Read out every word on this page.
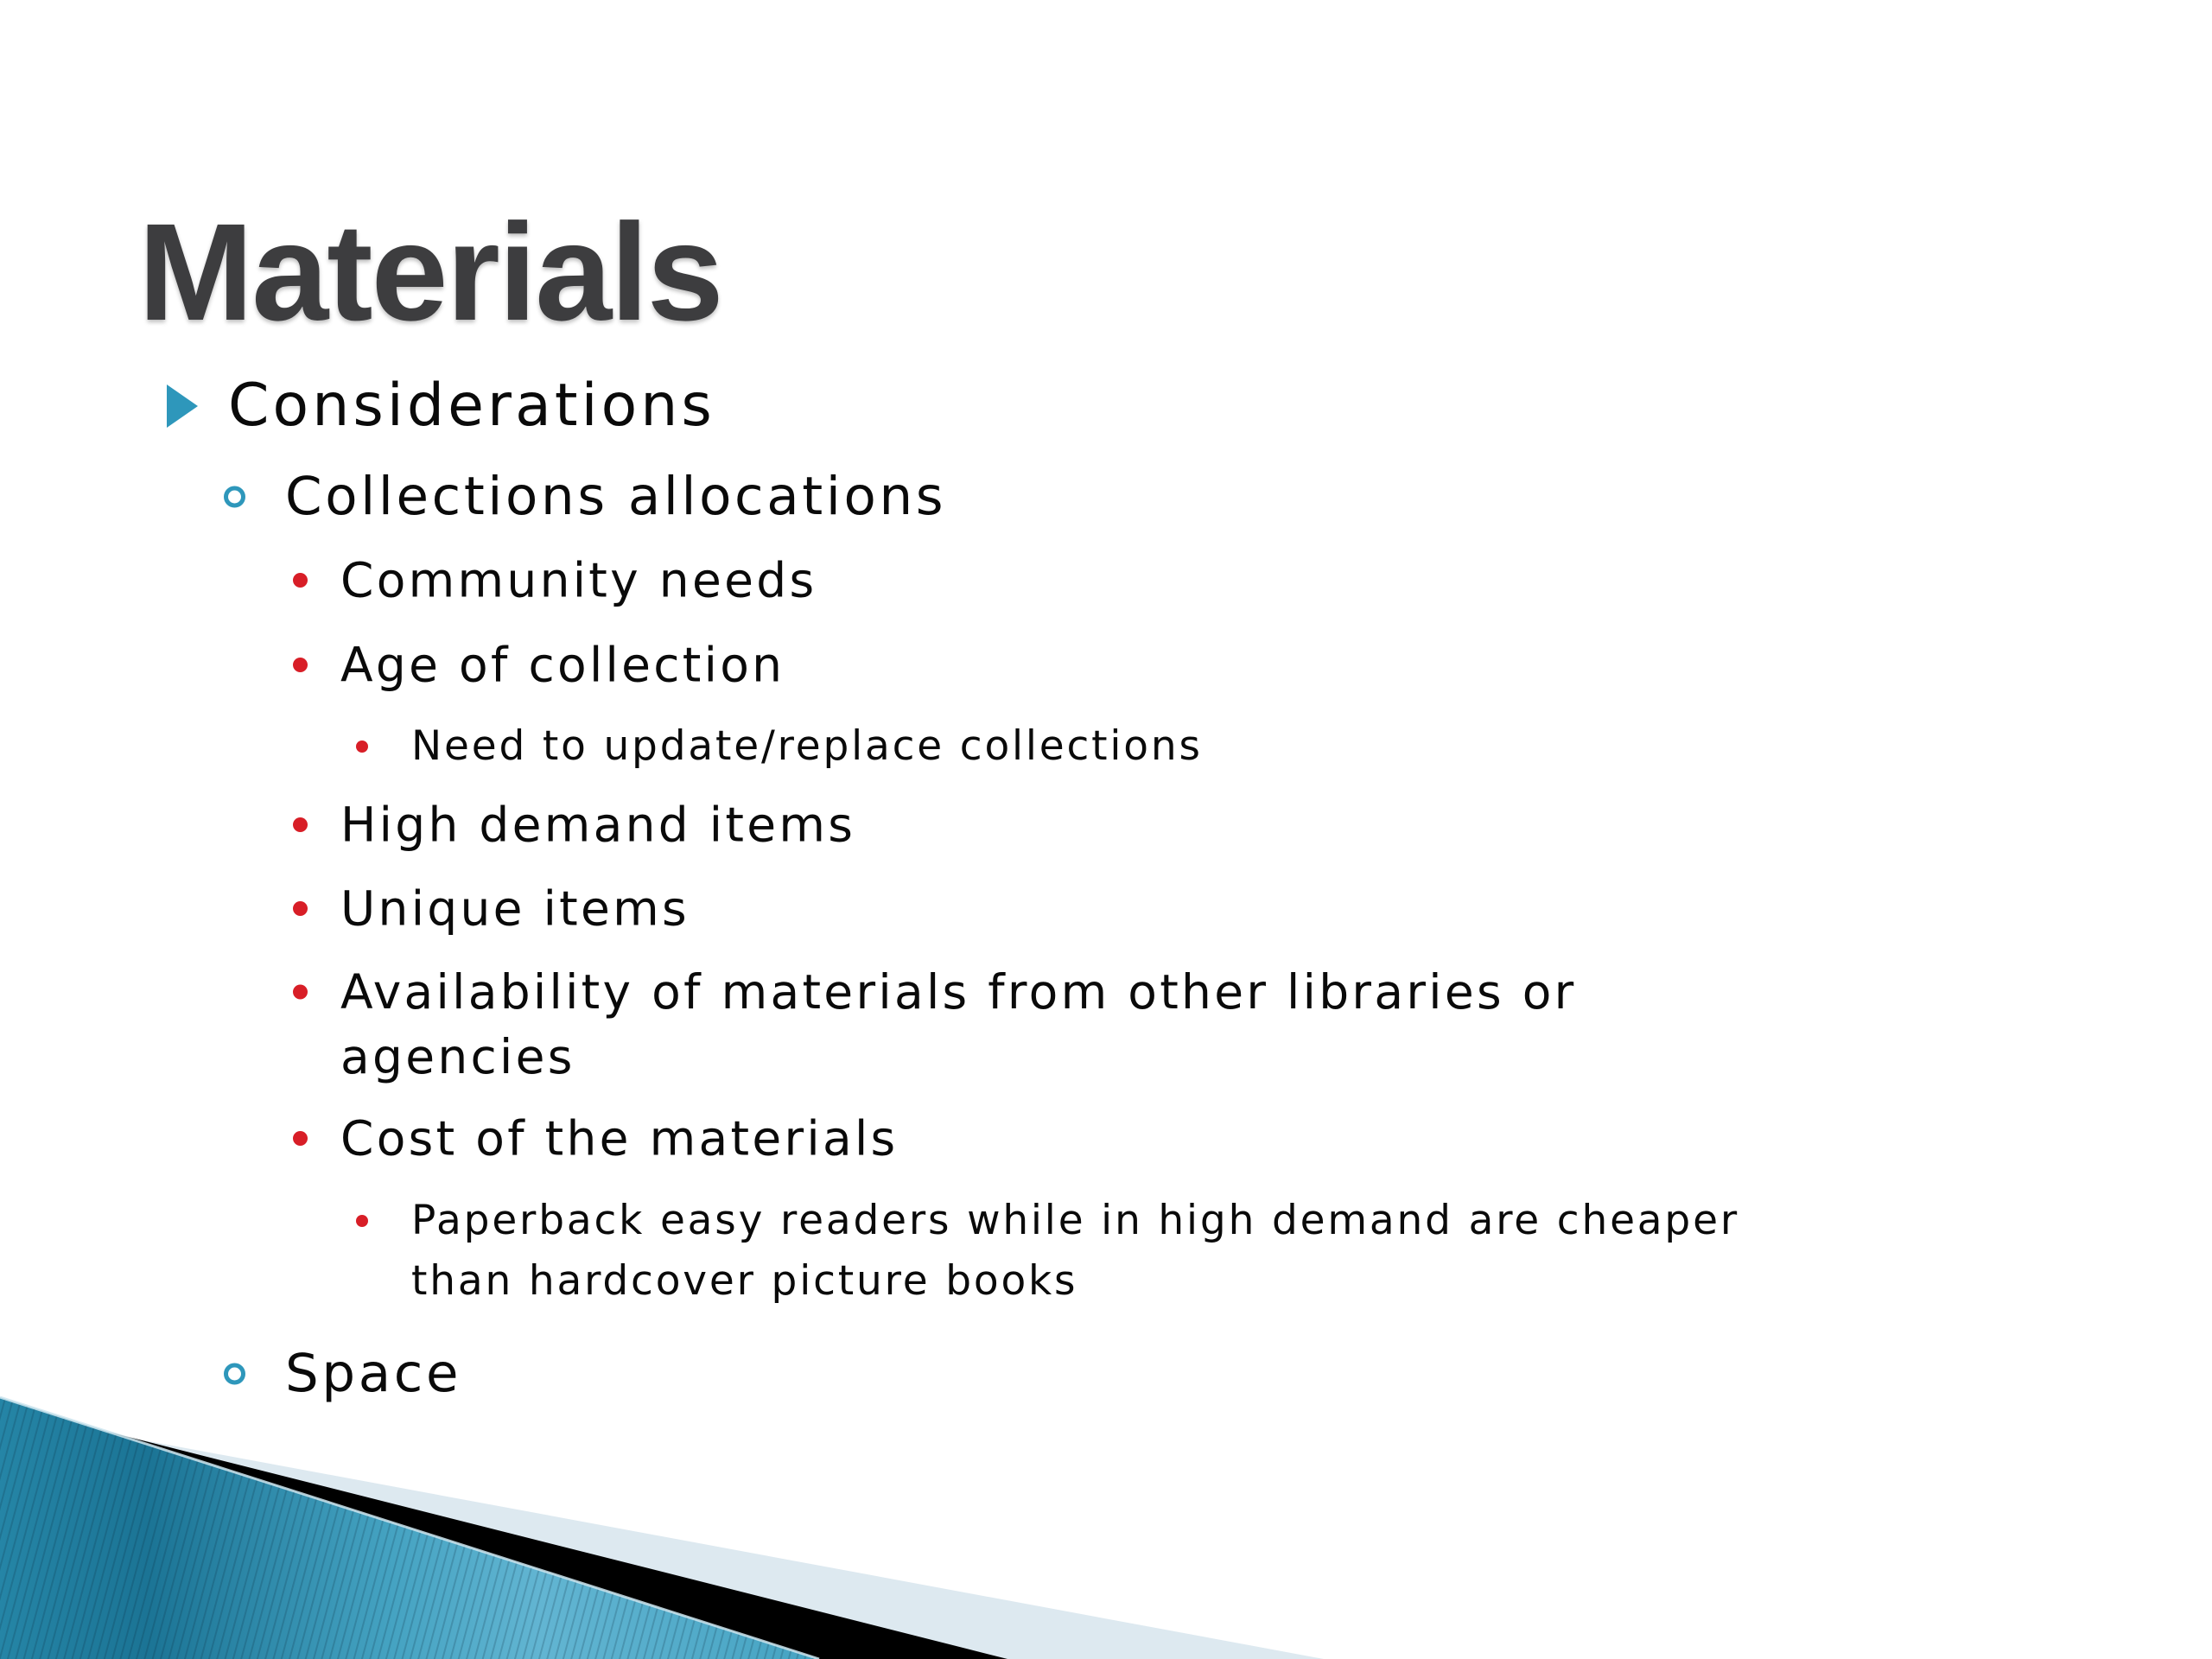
Materials
Considerations
Collections allocations
Community needs
Age of collection
Need to update/replace collections
High demand items
Unique items
Availability of materials from other libraries or
agencies
Cost of the materials
Paperback easy readers while in high demand are cheaper
than hardcover picture books
Space
